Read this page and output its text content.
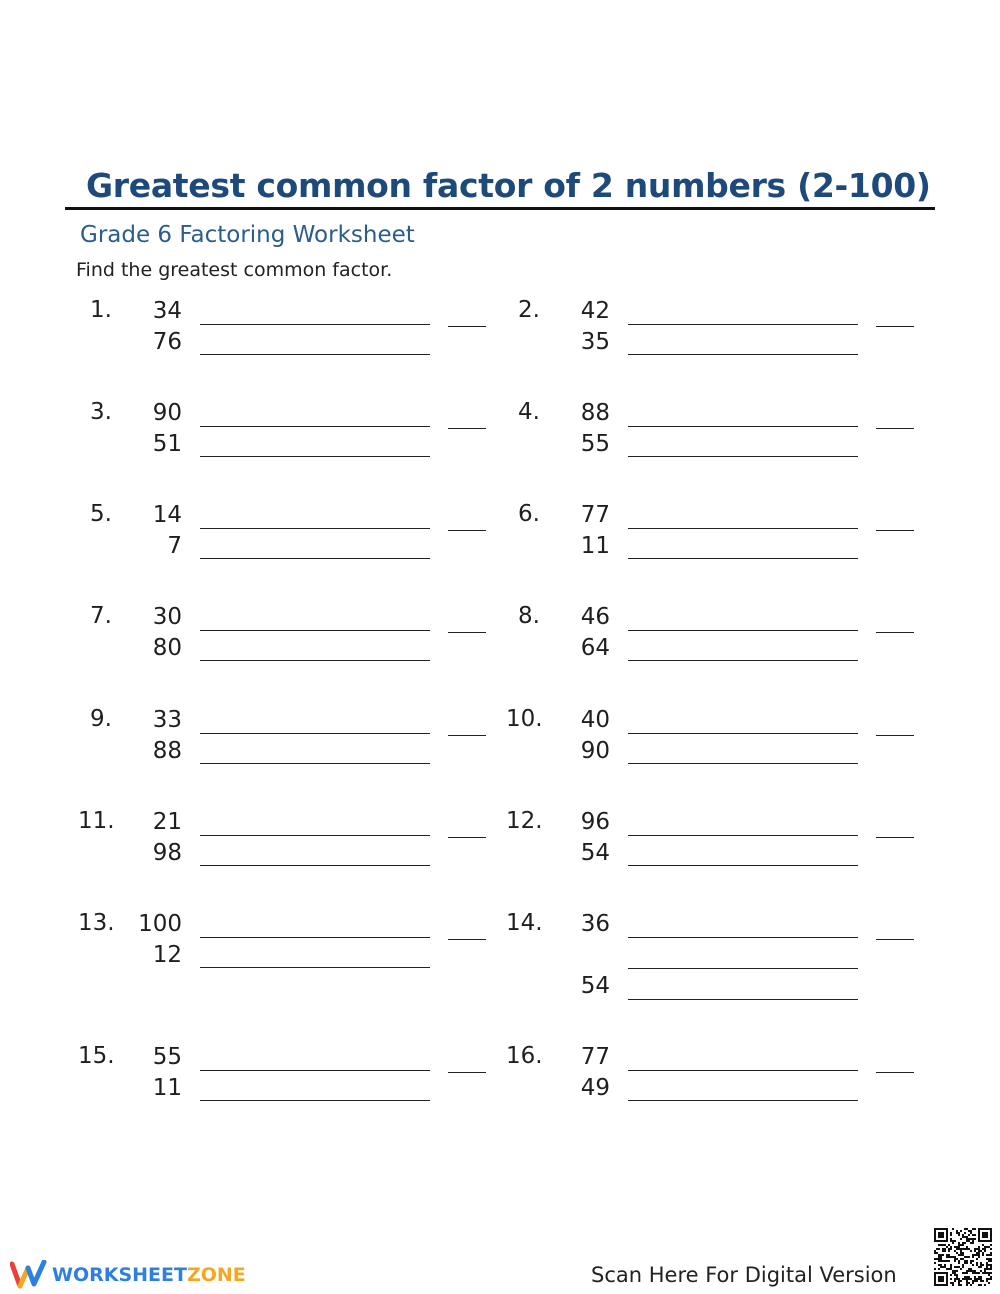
Greatest common factor of 2 numbers (2-100)
Grade 6 Factoring Worksheet
Find the greatest common factor.
1.	34
76
2.	42
35
3.	90
51
4.	88
55
5.	14
7
6.	77
11
7.	30
80
8.	46
64
9.	33
88
10.	40
90
11.	21
98
12.	96
54
13.	100
12
14.	36
54
15.	55
11
16.	77
49
WORKSHEETZONE	Scan Here For Digital Version
